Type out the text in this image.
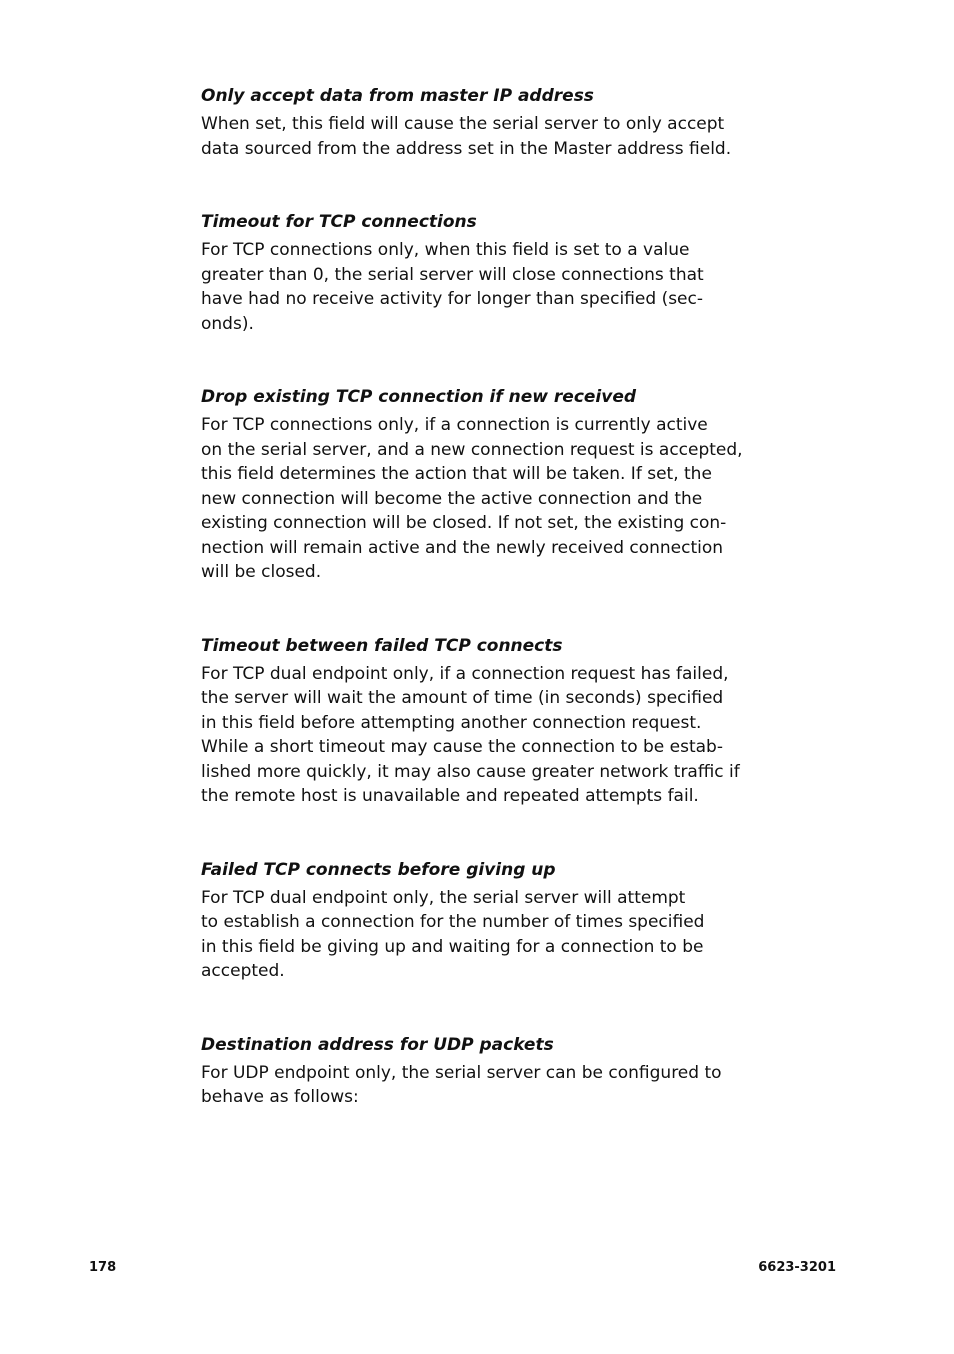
Only accept data from master IP address
When set, this field will cause the serial server to only accept
data sourced from the address set in the Master address field.
Timeout for TCP connections
For TCP connections only, when this field is set to a value
greater than 0, the serial server will close connections that
have had no receive activity for longer than specified (sec-
onds).
Drop existing TCP connection if new received
For TCP connections only, if a connection is currently active
on the serial server, and a new connection request is accepted,
this field determines the action that will be taken. If set, the
new connection will become the active connection and the
existing connection will be closed. If not set, the existing con-
nection will remain active and the newly received connection
will be closed.
Timeout between failed TCP connects
For TCP dual endpoint only, if a connection request has failed,
the server will wait the amount of time (in seconds) specified
in this field before attempting another connection request.
While a short timeout may cause the connection to be estab-
lished more quickly, it may also cause greater network traffic if
the remote host is unavailable and repeated attempts fail.
Failed TCP connects before giving up
For TCP dual endpoint only, the serial server will attempt
to establish a connection for the number of times specified
in this field be giving up and waiting for a connection to be
accepted.
Destination address for UDP packets
For UDP endpoint only, the serial server can be configured to
behave as follows:
178	6623-3201
